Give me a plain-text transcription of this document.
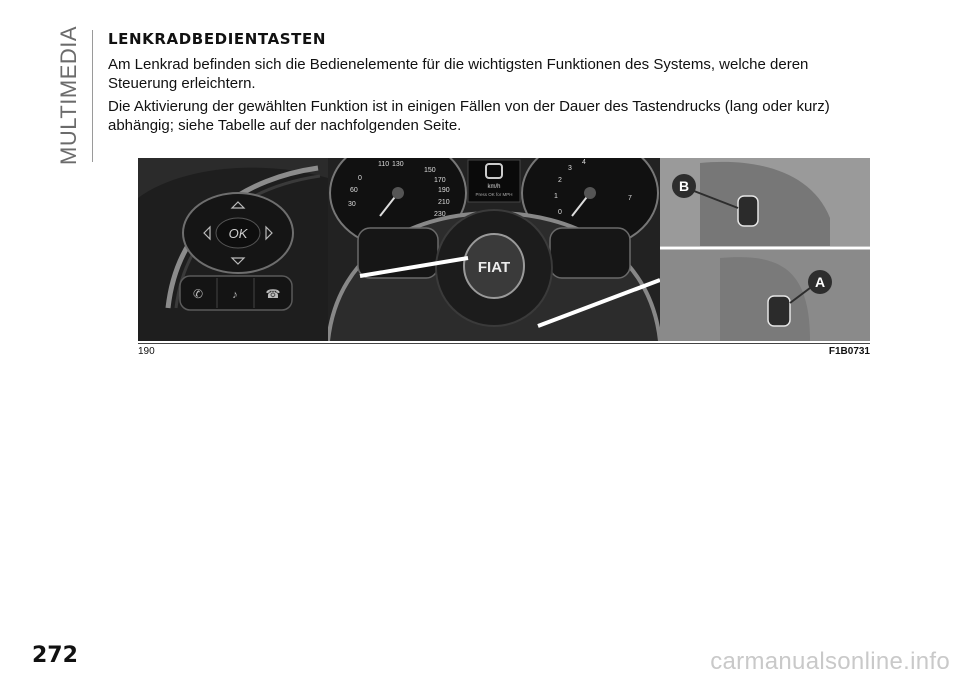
MULTIMEDIA LENKRADBEDIENTASTEN

Am Lenkrad befinden sich die Bedienelemente für die wichtigsten Funktionen des Systems, welche deren Steuerung erleichtern.

Die Aktivierung der gewählten Funktion ist in einigen Fällen von der Dauer des Tastendrucks (lang oder kurz) abhängig; siehe Tabelle auf der nachfolgenden Seite.

OK
✆	♪ ☎
110 130
150
170
190
210
230
30
60
0
3
4
2
1
0
7
km/h
Press OK for MPH
FIAT
B
A
190	F1B0731
272	carmanualsonline.info
